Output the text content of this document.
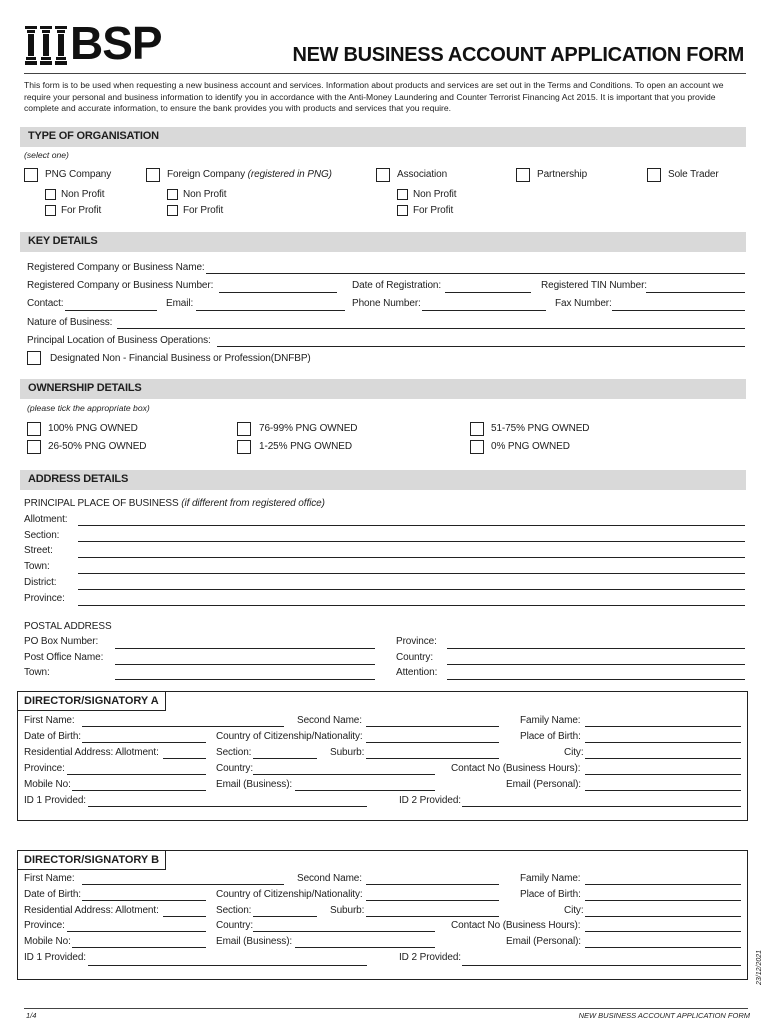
BSP	NEW BUSINESS ACCOUNT APPLICATION FORM
This form is to be used when requesting a new business account and services. Information about products and services are set out in the Terms and Conditions. To open an account we require your personal and business information to identify you in accordance with the Anti-Money Laundering and Counter Terrorist Financing Act 2015. It is important that you provide complete and accurate information, to ensure the bank provides you with products and services that you require.
TYPE OF ORGANISATION
(select one)
PNG Company
Non Profit
For Profit
Foreign Company (registered in PNG)
Non Profit
For Profit
Association
Non Profit
For Profit
Partnership	Sole Trader
KEY DETAILS
Registered Company or Business Name:
Registered Company or Business Number:	Date of Registration:	Registered TIN Number:
Contact:	Email:	Phone Number:	Fax Number:
Nature of Business:
Principal Location of Business Operations:
Designated Non - Financial Business or Profession(DNFBP)
OWNERSHIP DETAILS
(please tick the appropriate box)
100% PNG OWNED	76-99% PNG OWNED	51-75% PNG OWNED
26-50% PNG OWNED	1-25% PNG OWNED	0% PNG OWNED
ADDRESS DETAILS
PRINCIPAL PLACE OF BUSINESS (if different from registered office)
Allotment:
Section:
Street:
Town:
District:
Province:
POSTAL ADDRESS
PO Box Number:	Province:
Post Office Name:	Country:
Town:	Attention:
DIRECTOR/SIGNATORY A
First Name:	Second Name:	Family Name:
Date of Birth:	Country of Citizenship/Nationality:	Place of Birth:
Residential Address: Allotment:	Section:	Suburb:	City:
Province:	Country:	Contact No (Business Hours):
Mobile No:	Email (Business):	Email (Personal):
ID 1 Provided:	ID 2 Provided:
DIRECTOR/SIGNATORY B
First Name:	Second Name:	Family Name:
Date of Birth:	Country of Citizenship/Nationality:	Place of Birth:
Residential Address: Allotment:	Section:	Suburb:	City:
Province:	Country:	Contact No (Business Hours):
Mobile No:	Email (Business):	Email (Personal):
ID 1 Provided:	ID 2 Provided:	23/12/2021
1/4	NEW BUSINESS ACCOUNT APPLICATION FORM
